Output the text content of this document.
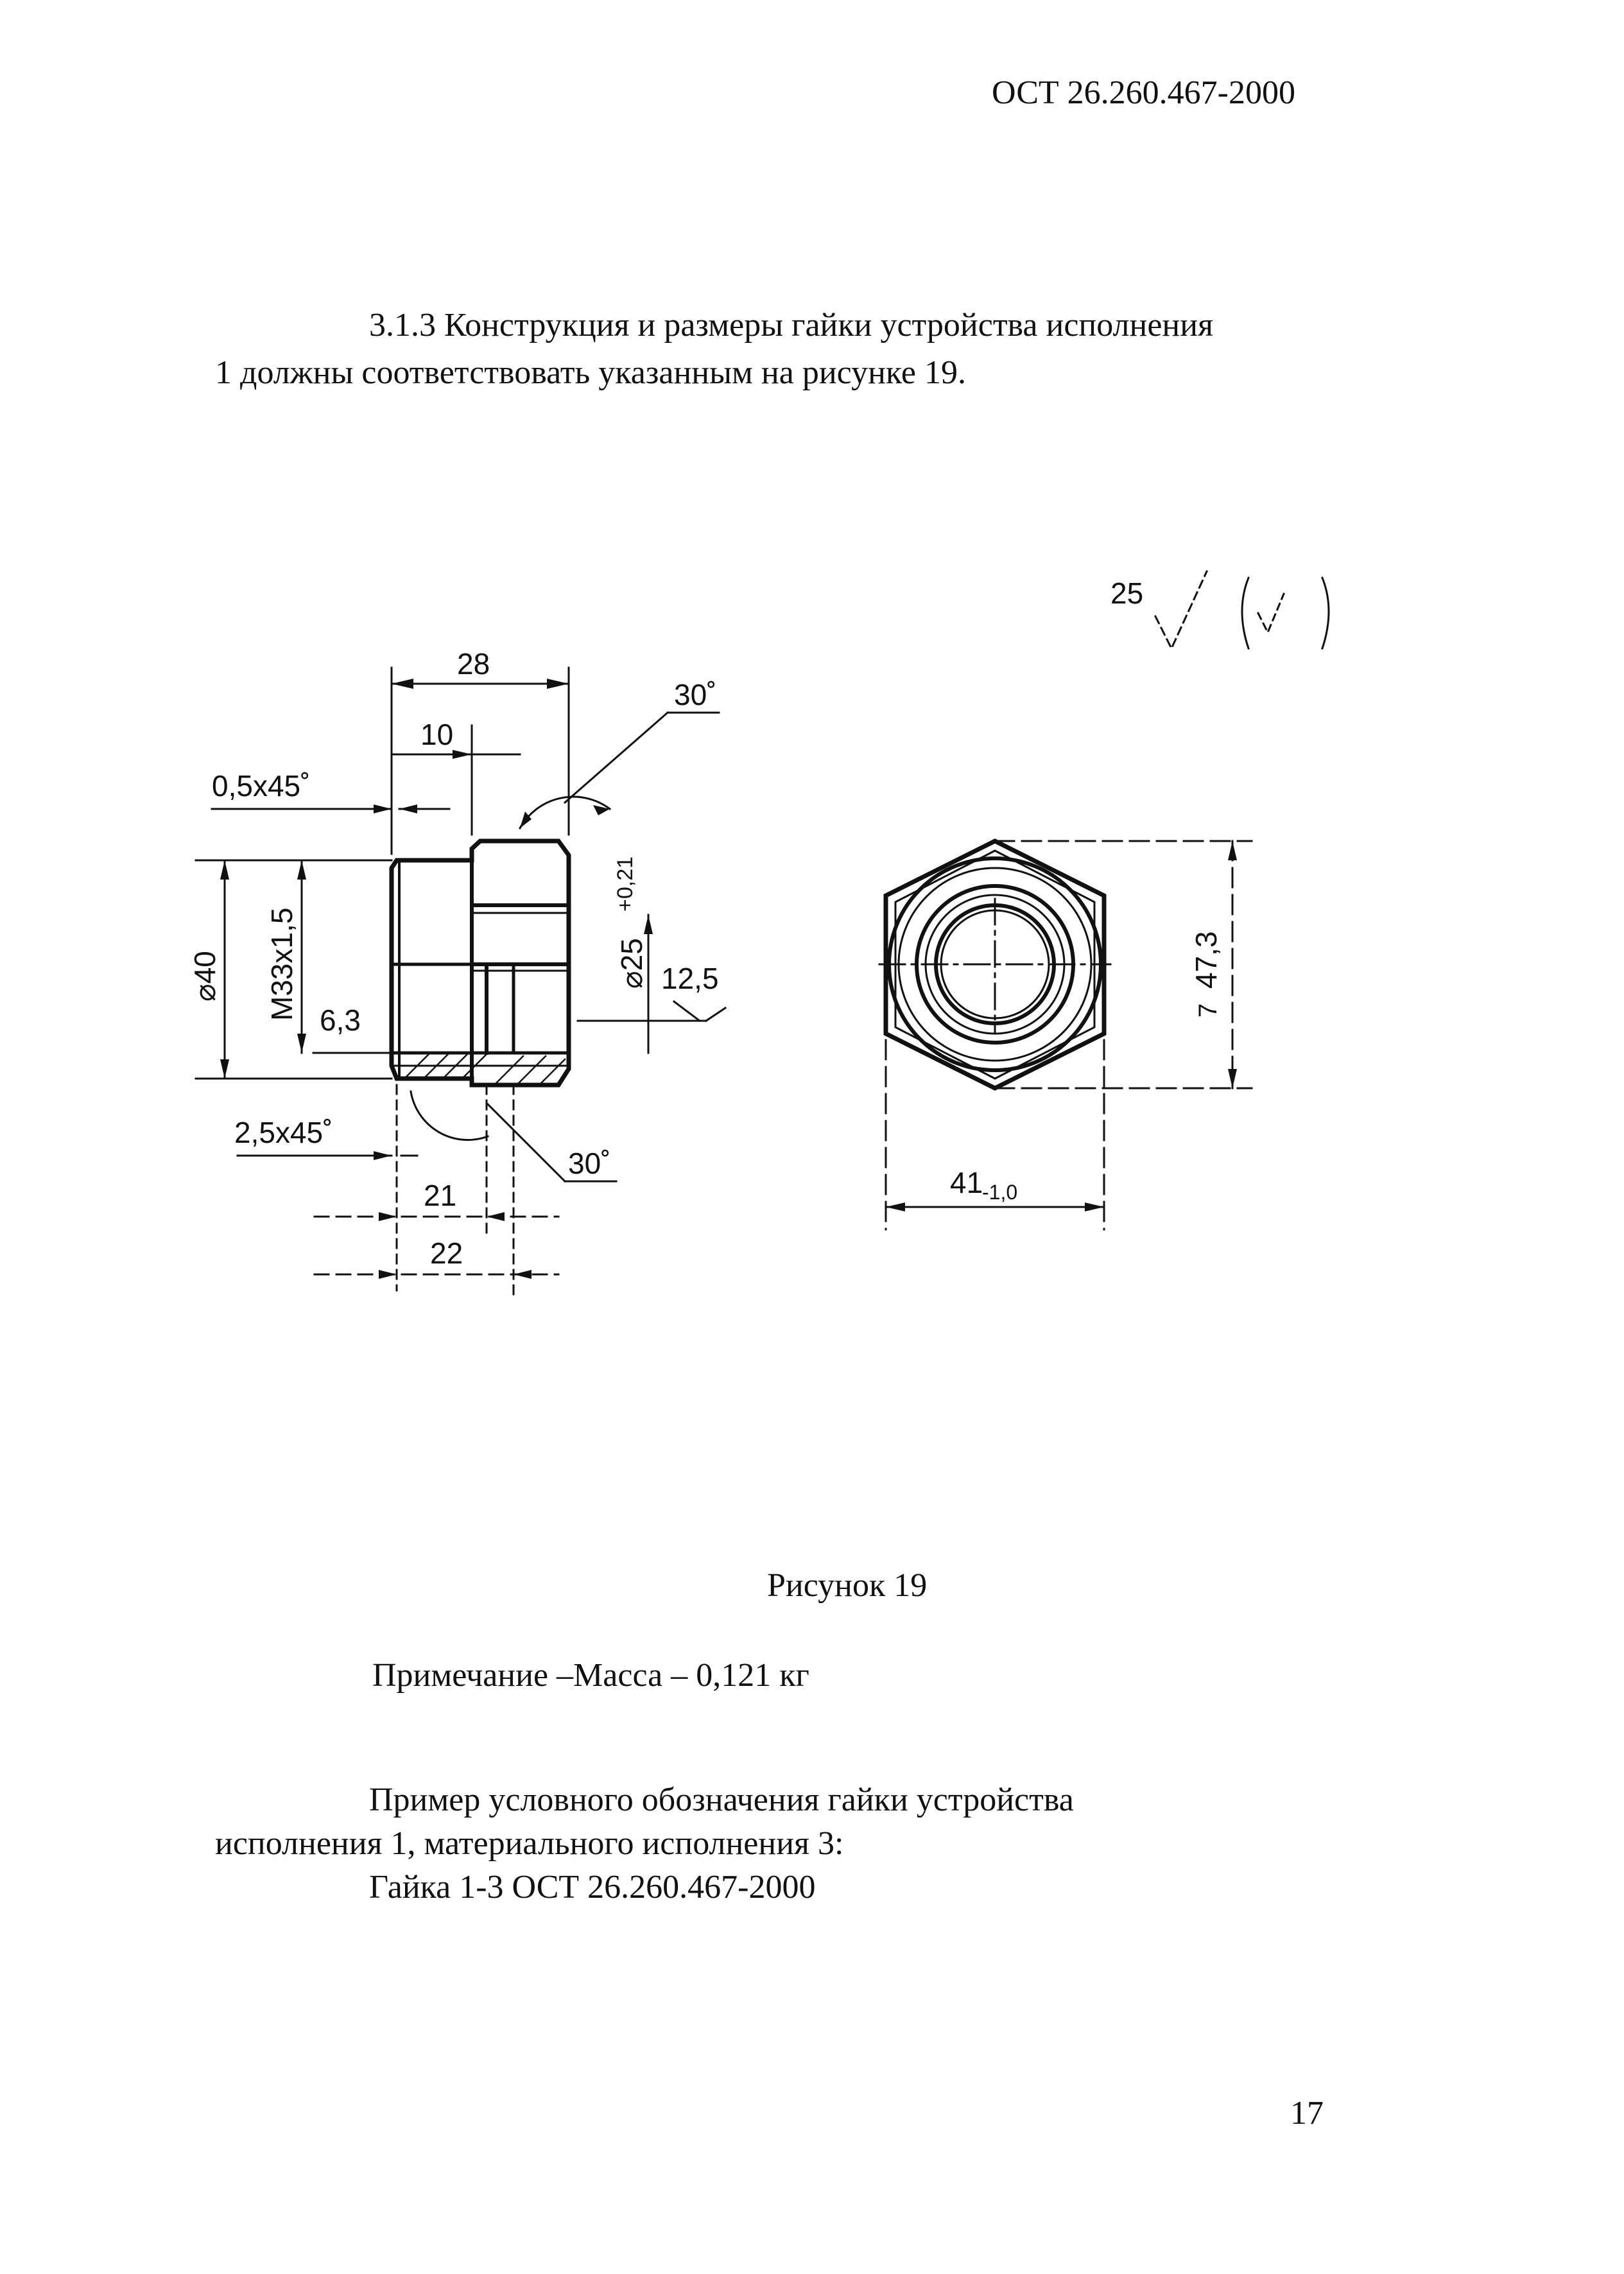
ОСТ 26.260.467-2000
3.1.3 Конструкция и размеры гайки устройства исполнения
1 должны соответствовать указанным на рисунке 19.
28
10
0,5x45˚
30˚
⌀40 M33x1,5 6,3
⌀25
+0,21
12,5
2,5x45˚
30˚
21
22
47,3
7
41
-1,0
25
Рисунок 19
Примечание –Масса – 0,121 кг
Пример условного обозначения гайки устройства
исполнения 1, материального исполнения 3:
Гайка 1-3 ОСТ 26.260.467-2000
17
